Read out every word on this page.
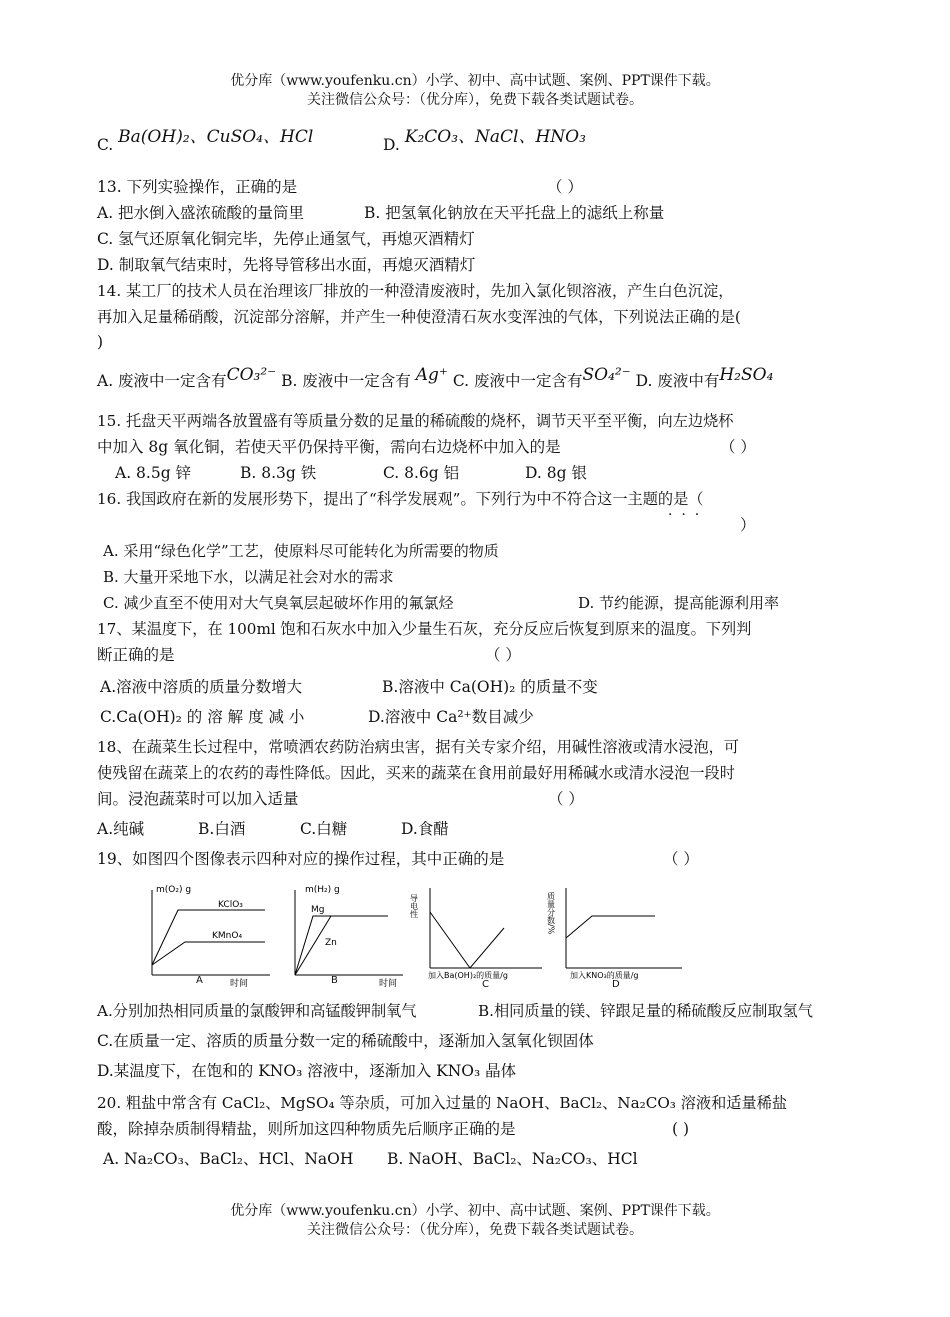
优分库（www.youfenku.cn）小学、初中、高中试题、案例、PPT课件下载。
关注微信公众号：（优分库），免费下载各类试题试卷。
C. Ba(OH)₂、CuSO₄、HCl	D. K₂CO₃、NaCl、HNO₃
13. 下列实验操作，正确的是	（ ）
A. 把水倒入盛浓硫酸的量筒里	B. 把氢氧化钠放在天平托盘上的滤纸上称量
C. 氢气还原氧化铜完毕，先停止通氢气，再熄灭酒精灯
D. 制取氧气结束时，先将导管移出水面，再熄灭酒精灯
14. 某工厂的技术人员在治理该厂排放的一种澄清废液时，先加入氯化钡溶液，产生白色沉淀，
再加入足量稀硝酸，沉淀部分溶解，并产生一种使澄清石灰水变浑浊的气体，下列说法正确的是(
)
A. 废液中一定含有CO₃²⁻ B. 废液中一定含有 Ag⁺ C. 废液中一定含有SO₄²⁻ D. 废液中有H₂SO₄
15. 托盘天平两端各放置盛有等质量分数的足量的稀硫酸的烧杯，调节天平至平衡，向左边烧杯
中加入 8g 氧化铜，若使天平仍保持平衡，需向右边烧杯中加入的是	（ ）
A. 8.5g 锌	B. 8.3g 铁	C. 8.6g 铝	D. 8g 银
16. 我国政府在新的发展形势下，提出了“科学发展观”。下列行为中不符合这一主题的是（
·  ·  ·
）
A. 采用“绿色化学”工艺，使原料尽可能转化为所需要的物质
B. 大量开采地下水，以满足社会对水的需求
C. 减少直至不使用对大气臭氧层起破坏作用的氟氯烃	D. 节约能源，提高能源利用率
17、某温度下，在 100ml 饱和石灰水中加入少量生石灰，充分反应后恢复到原来的温度。下列判
断正确的是	（ ）
A.溶液中溶质的质量分数增大	B.溶液中 Ca(OH)₂ 的质量不变
C.Ca(OH)₂ 的 溶 解 度 减 小	D.溶液中 Ca²⁺数目减少
18、在蔬菜生长过程中，常喷洒农药防治病虫害，据有关专家介绍，用碱性溶液或清水浸泡，可
使残留在蔬菜上的农药的毒性降低。因此，买来的蔬菜在食用前最好用稀碱水或清水浸泡一段时
间。浸泡蔬菜时可以加入适量	（ ）
A.纯碱	B.白酒	C.白糖	D.食醋
19、如图四个图像表示四种对应的操作过程，其中正确的是	（ ）
m(O₂) g
KClO₃
KMnO₄
时间
A
m(H₂) g
Mg
Zn
时间
B
导电性
加入Ba(OH)₂的质量/g
C
质量分数/%
加入KNO₃的质量/g
D
A.分别加热相同质量的氯酸钾和高锰酸钾制氧气	B.相同质量的镁、锌跟足量的稀硫酸反应制取氢气
C.在质量一定、溶质的质量分数一定的稀硫酸中，逐渐加入氢氧化钡固体
D.某温度下，在饱和的 KNO₃ 溶液中，逐渐加入 KNO₃ 晶体
20. 粗盐中常含有 CaCl₂、MgSO₄ 等杂质，可加入过量的 NaOH、BaCl₂、Na₂CO₃ 溶液和适量稀盐
酸，除掉杂质制得精盐，则所加这四种物质先后顺序正确的是	( )
A. Na₂CO₃、BaCl₂、HCl、NaOH B. NaOH、BaCl₂、Na₂CO₃、HCl
优分库（www.youfenku.cn）小学、初中、高中试题、案例、PPT课件下载。
关注微信公众号：（优分库），免费下载各类试题试卷。
